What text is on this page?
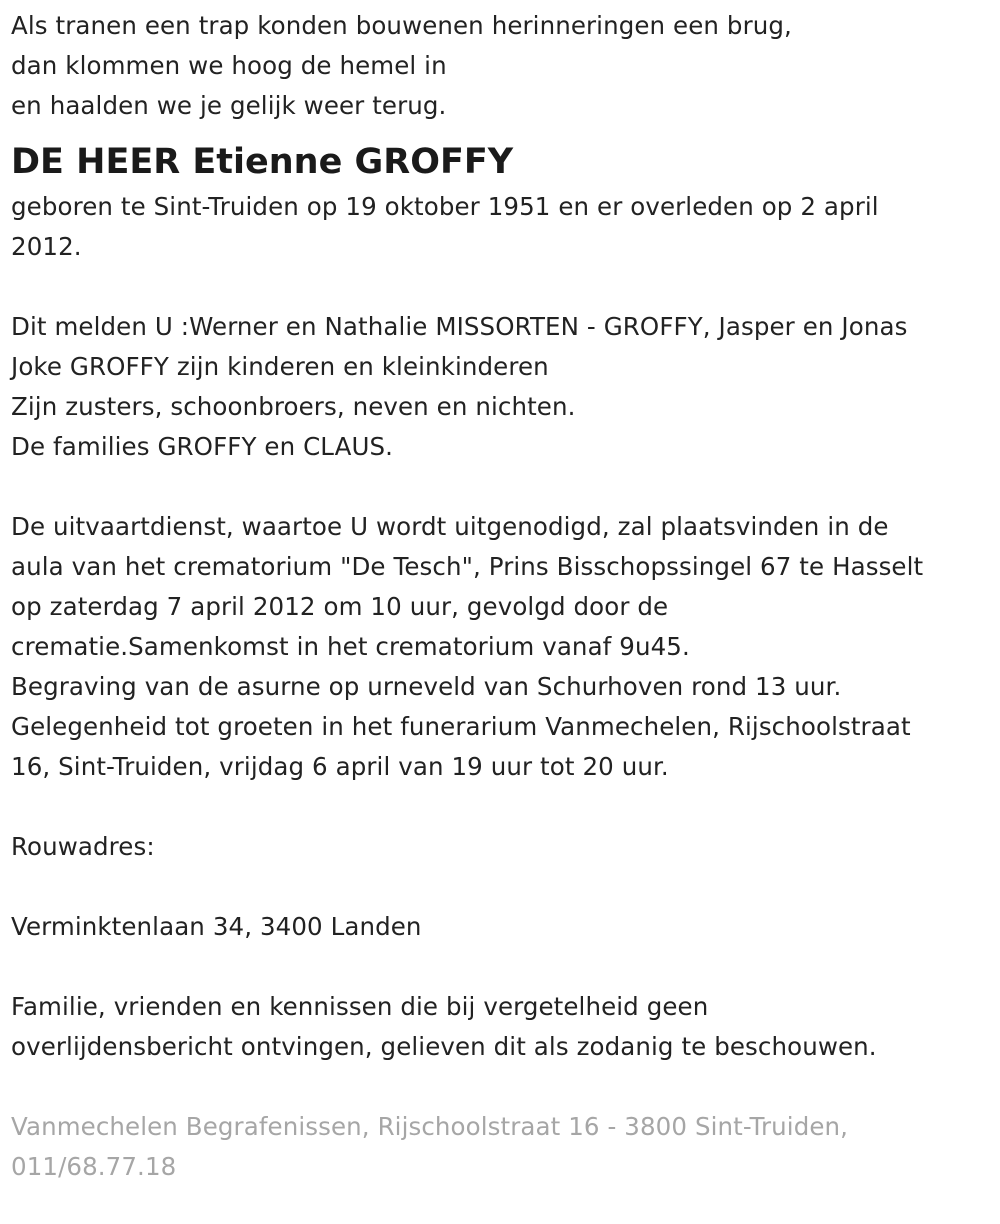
Als tranen een trap konden bouwenen herinneringen een brug,
dan klommen we hoog de hemel in
en haalden we je gelijk weer terug.
DE HEER Etienne GROFFY
geboren te Sint-Truiden op 19 oktober 1951 en er overleden op 2 april
2012.
Dit melden U :Werner en Nathalie MISSORTEN - GROFFY, Jasper en Jonas
Joke GROFFY zijn kinderen en kleinkinderen
Zijn zusters, schoonbroers, neven en nichten.
De families GROFFY en CLAUS.
De uitvaartdienst, waartoe U wordt uitgenodigd, zal plaatsvinden in de
aula van het crematorium "De Tesch", Prins Bisschopssingel 67 te Hasselt
op zaterdag 7 april 2012 om 10 uur, gevolgd door de
crematie.Samenkomst in het crematorium vanaf 9u45.
Begraving van de asurne op urneveld van Schurhoven rond 13 uur.
Gelegenheid tot groeten in het funerarium Vanmechelen, Rijschoolstraat
16, Sint-Truiden, vrijdag 6 april van 19 uur tot 20 uur.
Rouwadres:
Verminktenlaan 34, 3400 Landen
Familie, vrienden en kennissen die bij vergetelheid geen
overlijdensbericht ontvingen, gelieven dit als zodanig te beschouwen.
Vanmechelen Begrafenissen, Rijschoolstraat 16 - 3800 Sint-Truiden,
011/68.77.18
